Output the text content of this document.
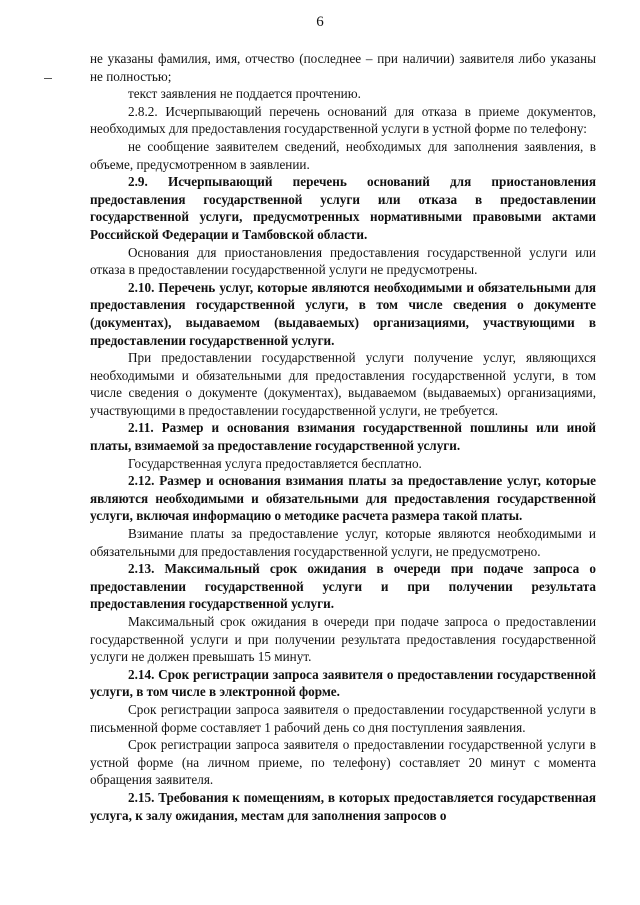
6

не указаны фамилия, имя, отчество (последнее – при наличии) заявителя либо указаны не полностью;

текст заявления не поддается прочтению.

2.8.2. Исчерпывающий перечень оснований для отказа в приеме документов, необходимых для предоставления государственной услуги в устной форме по телефону:

не сообщение заявителем сведений, необходимых для заполнения заявления, в объеме, предусмотренном в заявлении.

2.9. Исчерпывающий перечень оснований для приостановления предоставления государственной услуги или отказа в предоставлении государственной услуги, предусмотренных нормативными правовыми актами Российской Федерации и Тамбовской области.

Основания для приостановления предоставления государственной услуги или отказа в предоставлении государственной услуги не предусмотрены.

2.10. Перечень услуг, которые являются необходимыми и обязательными для предоставления государственной услуги, в том числе сведения о документе (документах), выдаваемом (выдаваемых) организациями, участвующими в предоставлении государственной услуги.

При предоставлении государственной услуги получение услуг, являющихся необходимыми и обязательными для предоставления государственной услуги, в том числе сведения о документе (документах), выдаваемом (выдаваемых) организациями, участвующими в предоставлении государственной услуги, не требуется.

2.11. Размер и основания взимания государственной пошлины или иной платы, взимаемой за предоставление государственной услуги.

Государственная услуга предоставляется бесплатно.

2.12. Размер и основания взимания платы за предоставление услуг, которые являются необходимыми и обязательными для предоставления государственной услуги, включая информацию о методике расчета размера такой платы.

Взимание платы за предоставление услуг, которые являются необходимыми и обязательными для предоставления государственной услуги, не предусмотрено.

2.13. Максимальный срок ожидания в очереди при подаче запроса о предоставлении государственной услуги и при получении результата предоставления государственной услуги.

Максимальный срок ожидания в очереди при подаче запроса о предоставлении государственной услуги и при получении результата предоставления государственной услуги не должен превышать 15 минут.

2.14. Срок регистрации запроса заявителя о предоставлении государственной услуги, в том числе в электронной форме.

Срок регистрации запроса заявителя о предоставлении государственной услуги в письменной форме составляет 1 рабочий день со дня поступления заявления.

Срок регистрации запроса заявителя о предоставлении государственной услуги в устной форме (на личном приеме, по телефону) составляет 20 минут с момента обращения заявителя.

2.15. Требования к помещениям, в которых предоставляется государственная услуга, к залу ожидания, местам для заполнения запросов о
